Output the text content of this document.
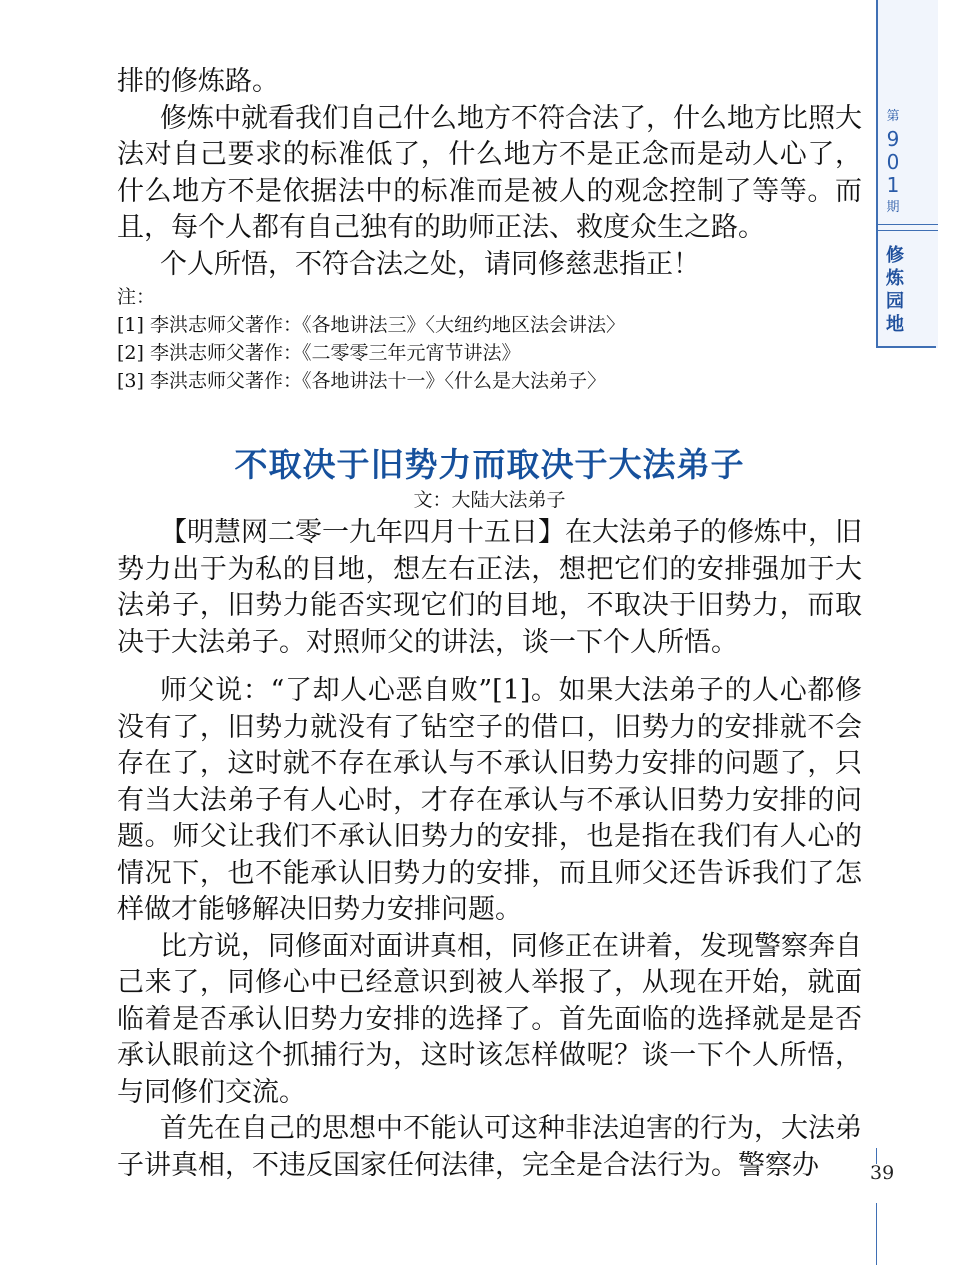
排的修炼路。

修炼中就看我们自己什么地方不符合法了，什么地方比照大法对自己要求的标准低了，什么地方不是正念而是动人心了，什么地方不是依据法中的标准而是被人的观念控制了等等。而且，每个人都有自己独有的助师正法、救度众生之路。

个人所悟，不符合法之处，请同修慈悲指正！

注：

[1] 李洪志师父著作：《各地讲法三》〈大纽约地区法会讲法〉

[2] 李洪志师父著作：《二零零三年元宵节讲法》

[3] 李洪志师父著作：《各地讲法十一》〈什么是大法弟子〉

不取决于旧势力而取决于大法弟子

文：大陆大法弟子

【明慧网二零一九年四月十五日】在大法弟子的修炼中，旧势力出于为私的目地，想左右正法，想把它们的安排强加于大法弟子，旧势力能否实现它们的目地，不取决于旧势力，而取决于大法弟子。对照师父的讲法，谈一下个人所悟。

师父说：“了却人心恶自败”[1]。如果大法弟子的人心都修没有了，旧势力就没有了钻空子的借口，旧势力的安排就不会存在了，这时就不存在承认与不承认旧势力安排的问题了，只有当大法弟子有人心时，才存在承认与不承认旧势力安排的问题。师父让我们不承认旧势力的安排，也是指在我们有人心的情况下，也不能承认旧势力的安排，而且师父还告诉我们了怎样做才能够解决旧势力安排问题。

比方说，同修面对面讲真相，同修正在讲着，发现警察奔自己来了，同修心中已经意识到被人举报了，从现在开始，就面临着是否承认旧势力安排的选择了。首先面临的选择就是是否承认眼前这个抓捕行为，这时该怎样做呢？谈一下个人所悟，与同修们交流。

首先在自己的思想中不能认可这种非法迫害的行为，大法弟子讲真相，不违反国家任何法律，完全是合法行为。警察办

第
9
0
1
期
修
炼
园
地
39
